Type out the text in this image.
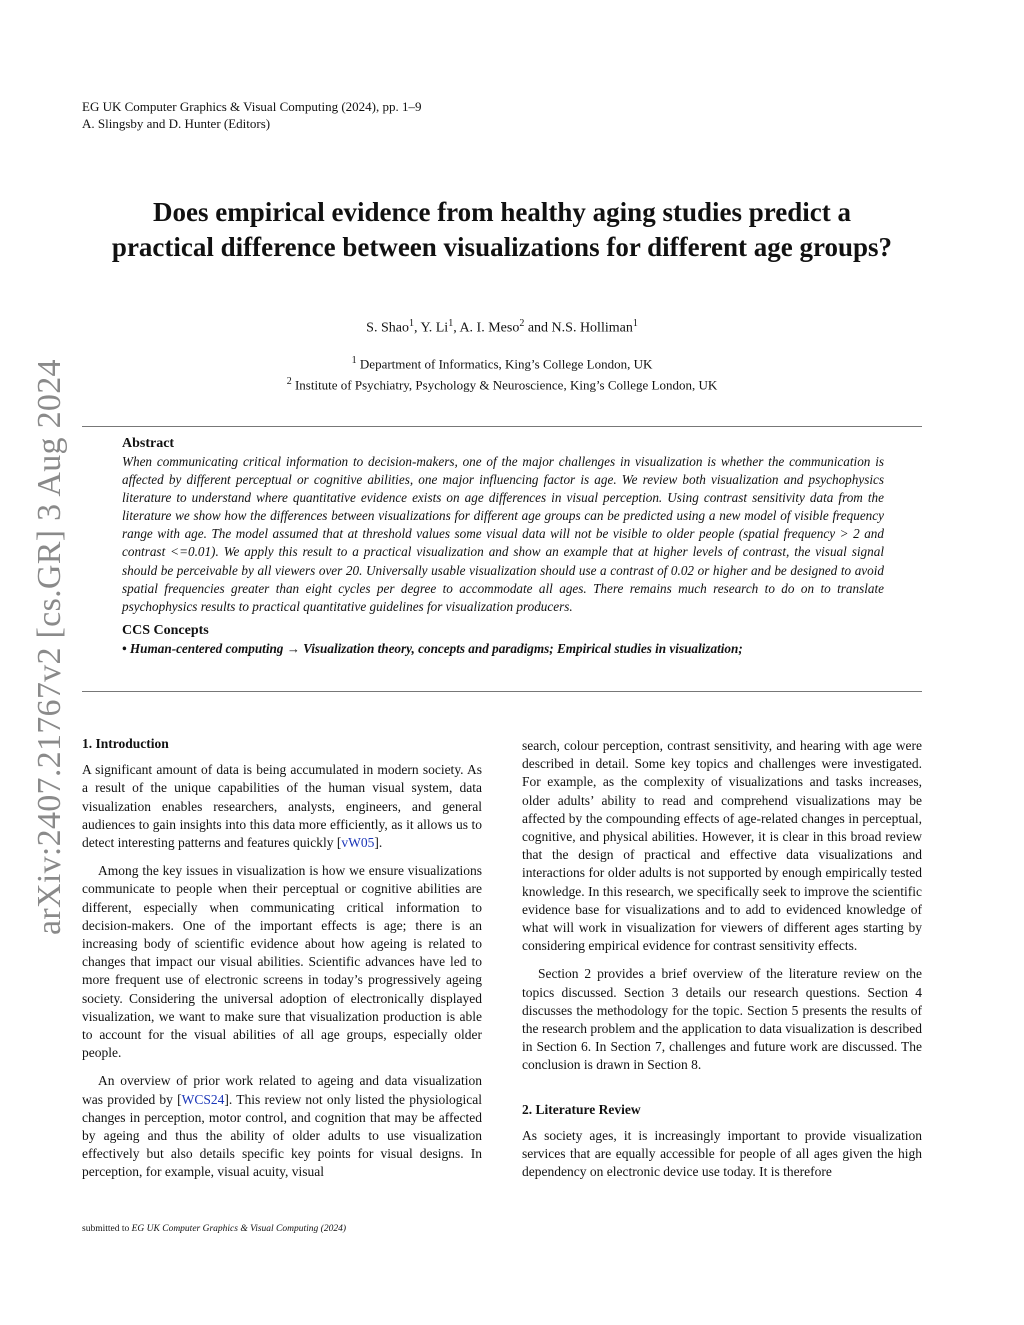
arXiv:2407.21767v2 [cs.GR] 3 Aug 2024
EG UK Computer Graphics & Visual Computing (2024), pp. 1–9
A. Slingsby and D. Hunter (Editors)
Does empirical evidence from healthy aging studies predict a
practical difference between visualizations for different age groups?
S. Shao$^1$, Y. Li$^1$, A. I. Meso$^2$ and N.S. Holliman$^1$
$^1$ Department of Informatics, King’s College London, UK
$^2$ Institute of Psychiatry, Psychology & Neuroscience, King’s College London, UK
Abstract
When communicating critical information to decision-makers, one of the major challenges in visualization is whether the communication is affected by different perceptual or cognitive abilities, one major influencing factor is age. We review both visualization and psychophysics literature to understand where quantitative evidence exists on age differences in visual perception. Using contrast sensitivity data from the literature we show how the differences between visualizations for different age groups can be predicted using a new model of visible frequency range with age. The model assumed that at threshold values some visual data will not be visible to older people (spatial frequency > 2 and contrast <=0.01). We apply this result to a practical visualization and show an example that at higher levels of contrast, the visual signal should be perceivable by all viewers over 20. Universally usable visualization should use a contrast of 0.02 or higher and be designed to avoid spatial frequencies greater than eight cycles per degree to accommodate all ages. There remains much research to do on to translate psychophysics results to practical quantitative guidelines for visualization producers.
CCS Concepts
• Human-centered computing → Visualization theory, concepts and paradigms; Empirical studies in visualization;
1. Introduction

A significant amount of data is being accumulated in modern society. As a result of the unique capabilities of the human visual system, data visualization enables researchers, analysts, engineers, and general audiences to gain insights into this data more efficiently, as it allows us to detect interesting patterns and features quickly [vW05].

Among the key issues in visualization is how we ensure visualizations communicate to people when their perceptual or cognitive abilities are different, especially when communicating critical information to decision-makers. One of the important effects is age; there is an increasing body of scientific evidence about how ageing is related to changes that impact our visual abilities. Scientific advances have led to more frequent use of electronic screens in today’s progressively ageing society. Considering the universal adoption of electronically displayed visualization, we want to make sure that visualization production is able to account for the visual abilities of all age groups, especially older people.

An overview of prior work related to ageing and data visualization was provided by [WCS24]. This review not only listed the physiological changes in perception, motor control, and cognition that may be affected by ageing and thus the ability of older adults to use visualization effectively but also details specific key points for visual designs. In perception, for example, visual acuity, visual

search, colour perception, contrast sensitivity, and hearing with age were described in detail. Some key topics and challenges were investigated. For example, as the complexity of visualizations and tasks increases, older adults’ ability to read and comprehend visualizations may be affected by the compounding effects of age-related changes in perceptual, cognitive, and physical abilities. However, it is clear in this broad review that the design of practical and effective data visualizations and interactions for older adults is not supported by enough empirically tested knowledge. In this research, we specifically seek to improve the scientific evidence base for visualizations and to add to evidenced knowledge of what will work in visualization for viewers of different ages starting by considering empirical evidence for contrast sensitivity effects.

Section 2 provides a brief overview of the literature review on the topics discussed. Section 3 details our research questions. Section 4 discusses the methodology for the topic. Section 5 presents the results of the research problem and the application to data visualization is described in Section 6. In Section 7, challenges and future work are discussed. The conclusion is drawn in Section 8.

2. Literature Review

As society ages, it is increasingly important to provide visualization services that are equally accessible for people of all ages given the high dependency on electronic device use today. It is therefore

submitted to EG UK Computer Graphics & Visual Computing (2024)
